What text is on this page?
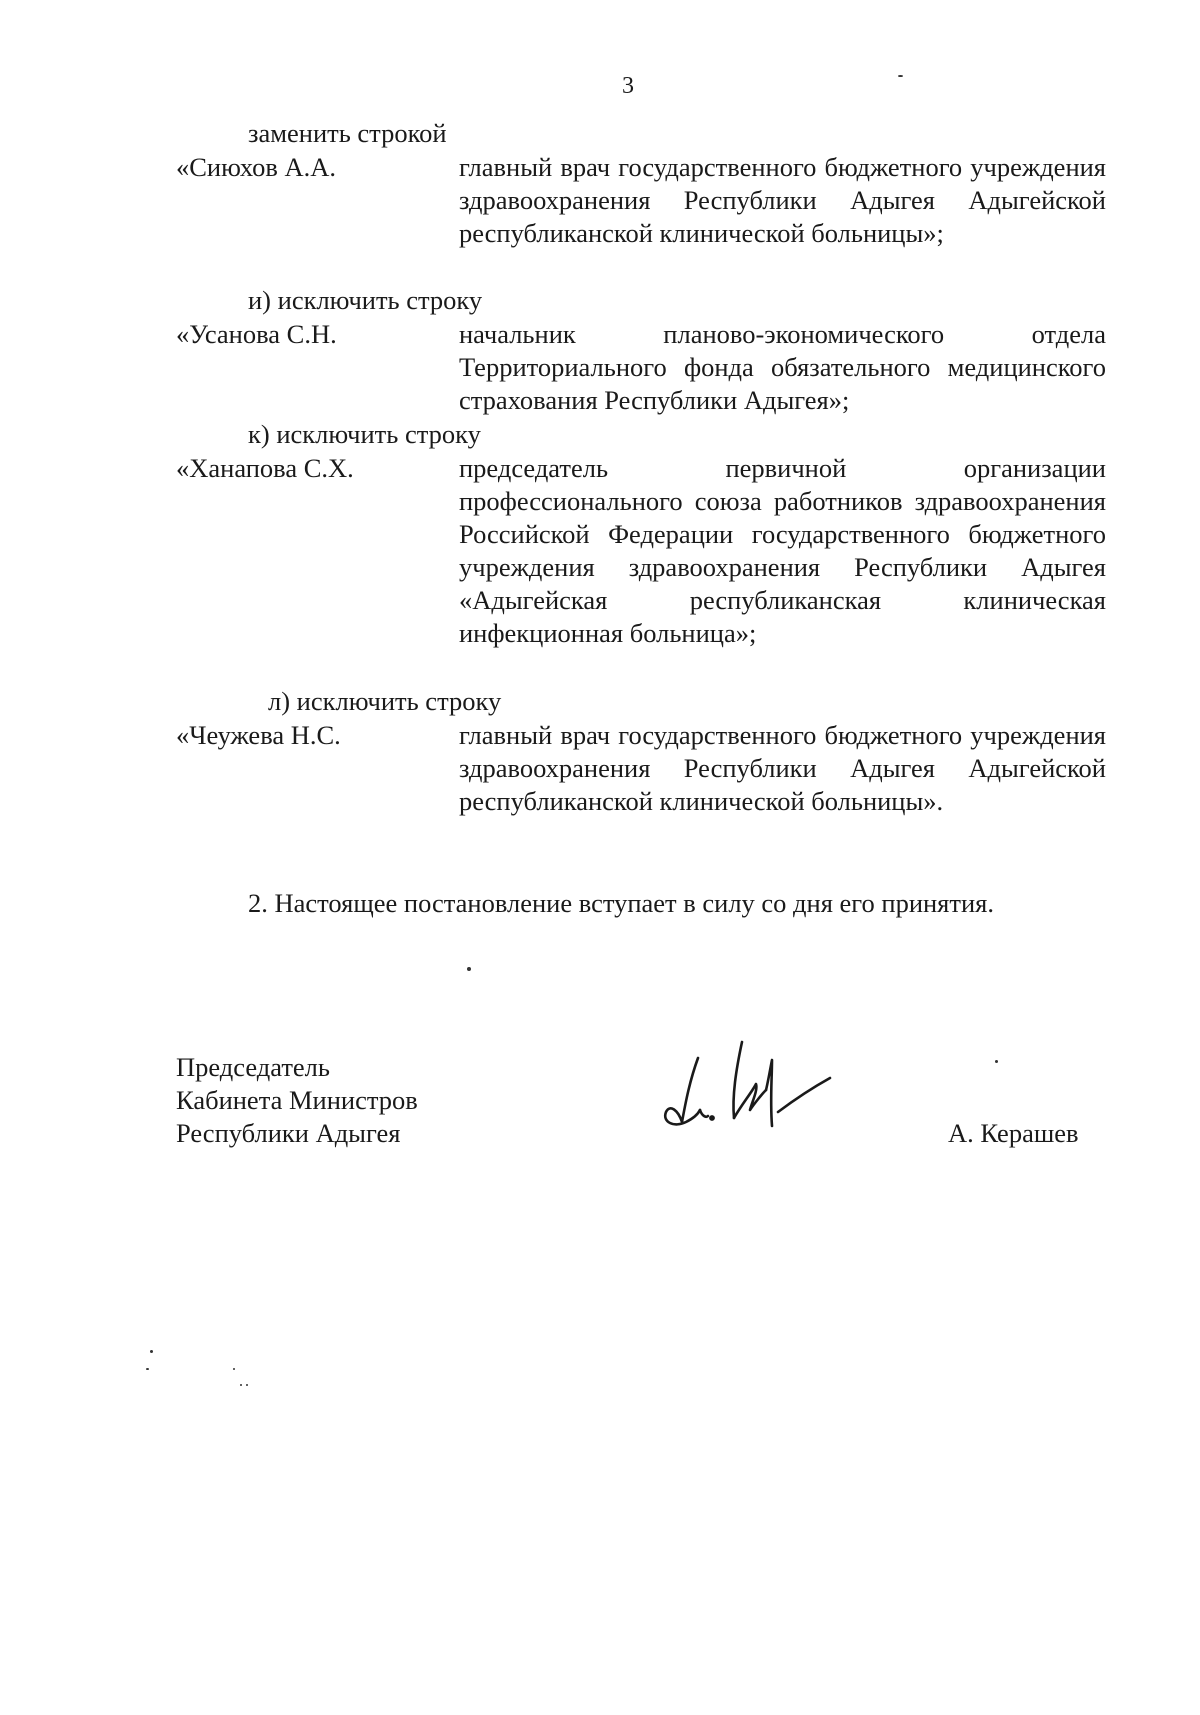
3
заменить строкой
«Сиюхов А.А.	главный врач государственного бюджетного учреждения здравоохранения Республики Адыгея Адыгейской республиканской клинической больницы»;
и) исключить строку
«Усанова С.Н.	начальник планово-экономического отдела Территориального фонда обязательного медицинского страхования Республики Адыгея»;
к) исключить строку
«Ханапова С.Х.	председатель первичной организации профессионального союза работников здравоохранения Российской Федерации государственного бюджетного учреждения здравоохранения Республики Адыгея «Адыгейская республиканская клиническая инфекционная больница»;
л) исключить строку
«Чеужева Н.С.	главный врач государственного бюджетного учреждения здравоохранения Республики Адыгея Адыгейской республиканской клинической больницы».
2. Настоящее постановление вступает в силу со дня его принятия.
Председатель
Кабинета Министров
Республики Адыгея	А. Керашев
